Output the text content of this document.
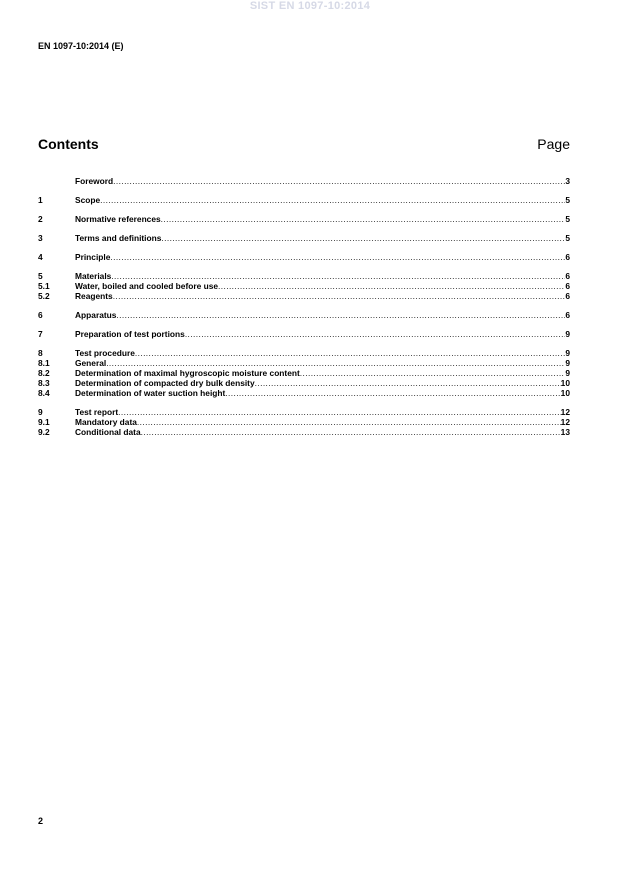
SIST EN 1097-10:2014
EN 1097-10:2014 (E)
Contents	Page
Foreword .....	3
1	Scope .....	5
2	Normative references .....	5
3	Terms and definitions .....	5
4	Principle .....	6
5	Materials .....	6
5.1	Water, boiled and cooled before use .....	6
5.2	Reagents .....	6
6	Apparatus .....	6
7	Preparation of test portions .....	9
8	Test procedure .....	9
8.1	General .....	9
8.2	Determination of maximal hygroscopic moisture content .....	9
8.3	Determination of compacted dry bulk density .....	10
8.4	Determination of water suction height .....	10
9	Test report .....	12
9.1	Mandatory data .....	12
9.2	Conditional data .....	13
2
